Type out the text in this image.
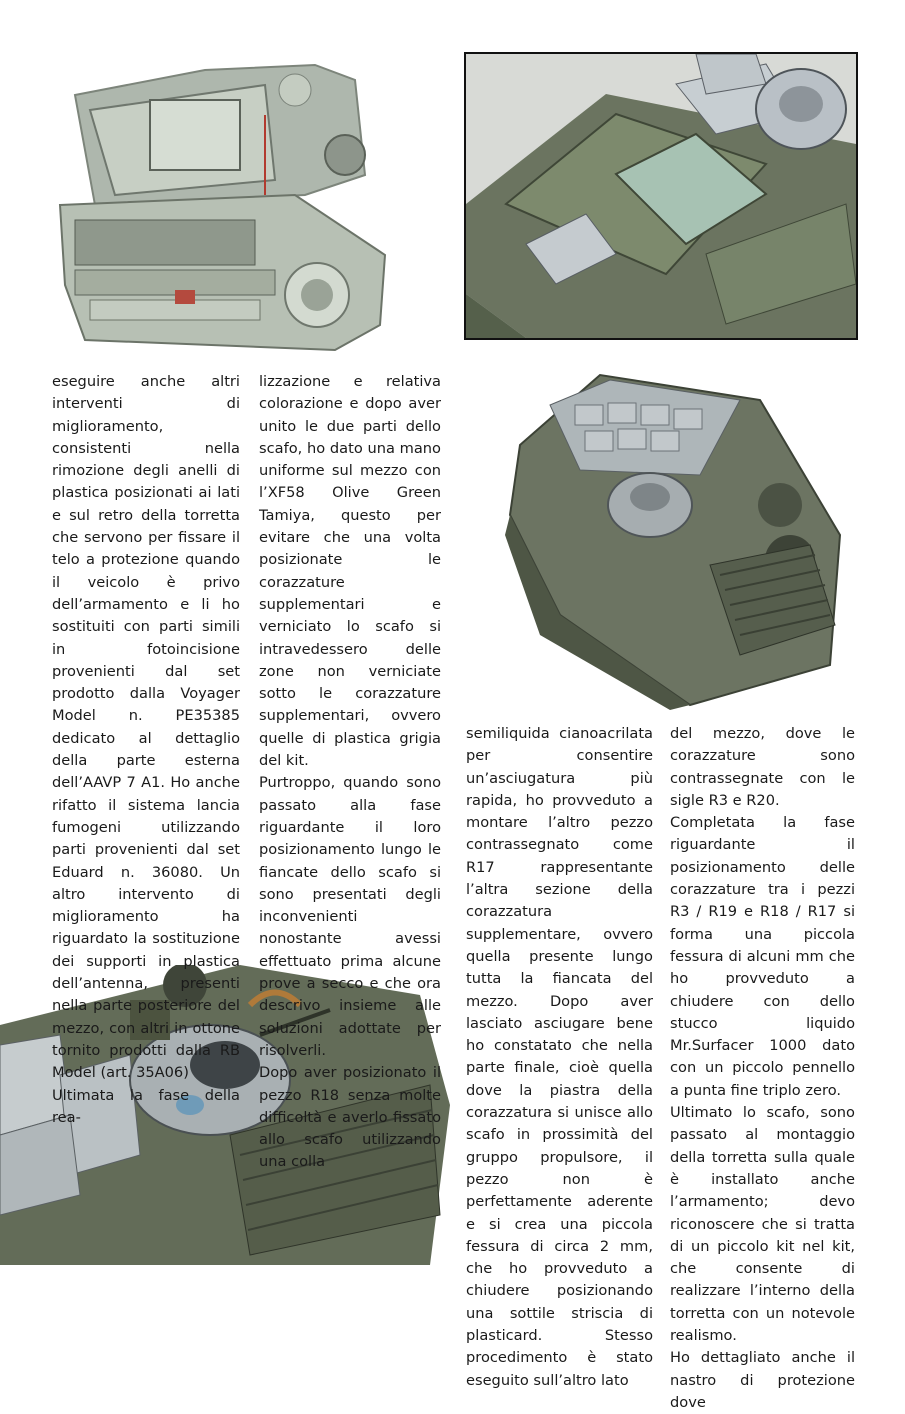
eseguire anche altri interventi di miglioramento, consistenti nella rimozione degli anelli di plastica posizionati ai lati e sul retro della torretta che servono per fissare il telo a protezione quando il veicolo è privo dell’armamento e li ho sostituiti con parti simili in fotoincisione provenienti dal set prodotto dalla Voyager Model n. PE35385 dedicato al dettaglio della parte esterna dell’AAVP 7 A1. Ho anche rifatto il sistema lancia fumogeni utilizzando parti provenienti dal set Eduard n. 36080. Un altro intervento di miglioramento ha riguardato la sostituzione dei supporti in plastica dell’antenna, presenti nella parte posteriore del mezzo, con altri in ottone tornito prodotti dalla RB Model (art. 35A06)

Ultimata la fase della rea-

lizzazione e relativa colorazione e dopo aver unito le due parti dello scafo, ho dato una mano uniforme sul mezzo con l’XF58 Olive Green Tamiya, questo per evitare che una volta posizionate le corazzature supplementari e verniciato lo scafo si intravedessero delle zone non verniciate sotto le corazzature supplementari, ovvero quelle di plastica grigia del kit.

Purtroppo, quando sono passato alla fase riguardante il loro posizionamento lungo le fiancate dello scafo si sono presentati degli inconvenienti nonostante avessi effettuato prima alcune prove a secco e che ora descrivo insieme alle soluzioni adottate per risolverli.

Dopo aver posizionato il pezzo R18 senza molte difficoltà e averlo fissato allo scafo utilizzando una colla

semiliquida cianoacrilata per consentire un’asciugatura più rapida, ho provveduto a montare l’altro pezzo contrassegnato come R17 rappresentante l’altra sezione della corazzatura supplementare, ovvero quella presente lungo tutta la fiancata del mezzo. Dopo aver lasciato asciugare bene ho constatato che nella parte finale, cioè quella dove la piastra della corazzatura si unisce allo scafo in prossimità del gruppo propulsore, il pezzo non è perfettamente aderente e si crea una piccola fessura di circa 2 mm, che ho provveduto a chiudere posizionando una sottile striscia di plasticard. Stesso procedimento è stato eseguito sull’altro lato

del mezzo, dove le corazzature sono contrassegnate con le sigle R3 e R20.

Completata la fase riguardante il posizionamento delle corazzature tra i pezzi R3 / R19 e R18 / R17 si forma una piccola fessura di alcuni mm che ho provveduto a chiudere con dello stucco liquido Mr.Surfacer 1000 dato con un piccolo pennello a punta fine triplo zero.

Ultimato lo scafo, sono passato al montaggio della torretta sulla quale è installato anche l’armamento; devo riconoscere che si tratta di un piccolo kit nel kit, che consente di realizzare l’interno della torretta con un notevole realismo.

Ho dettagliato anche il nastro di protezione dove
